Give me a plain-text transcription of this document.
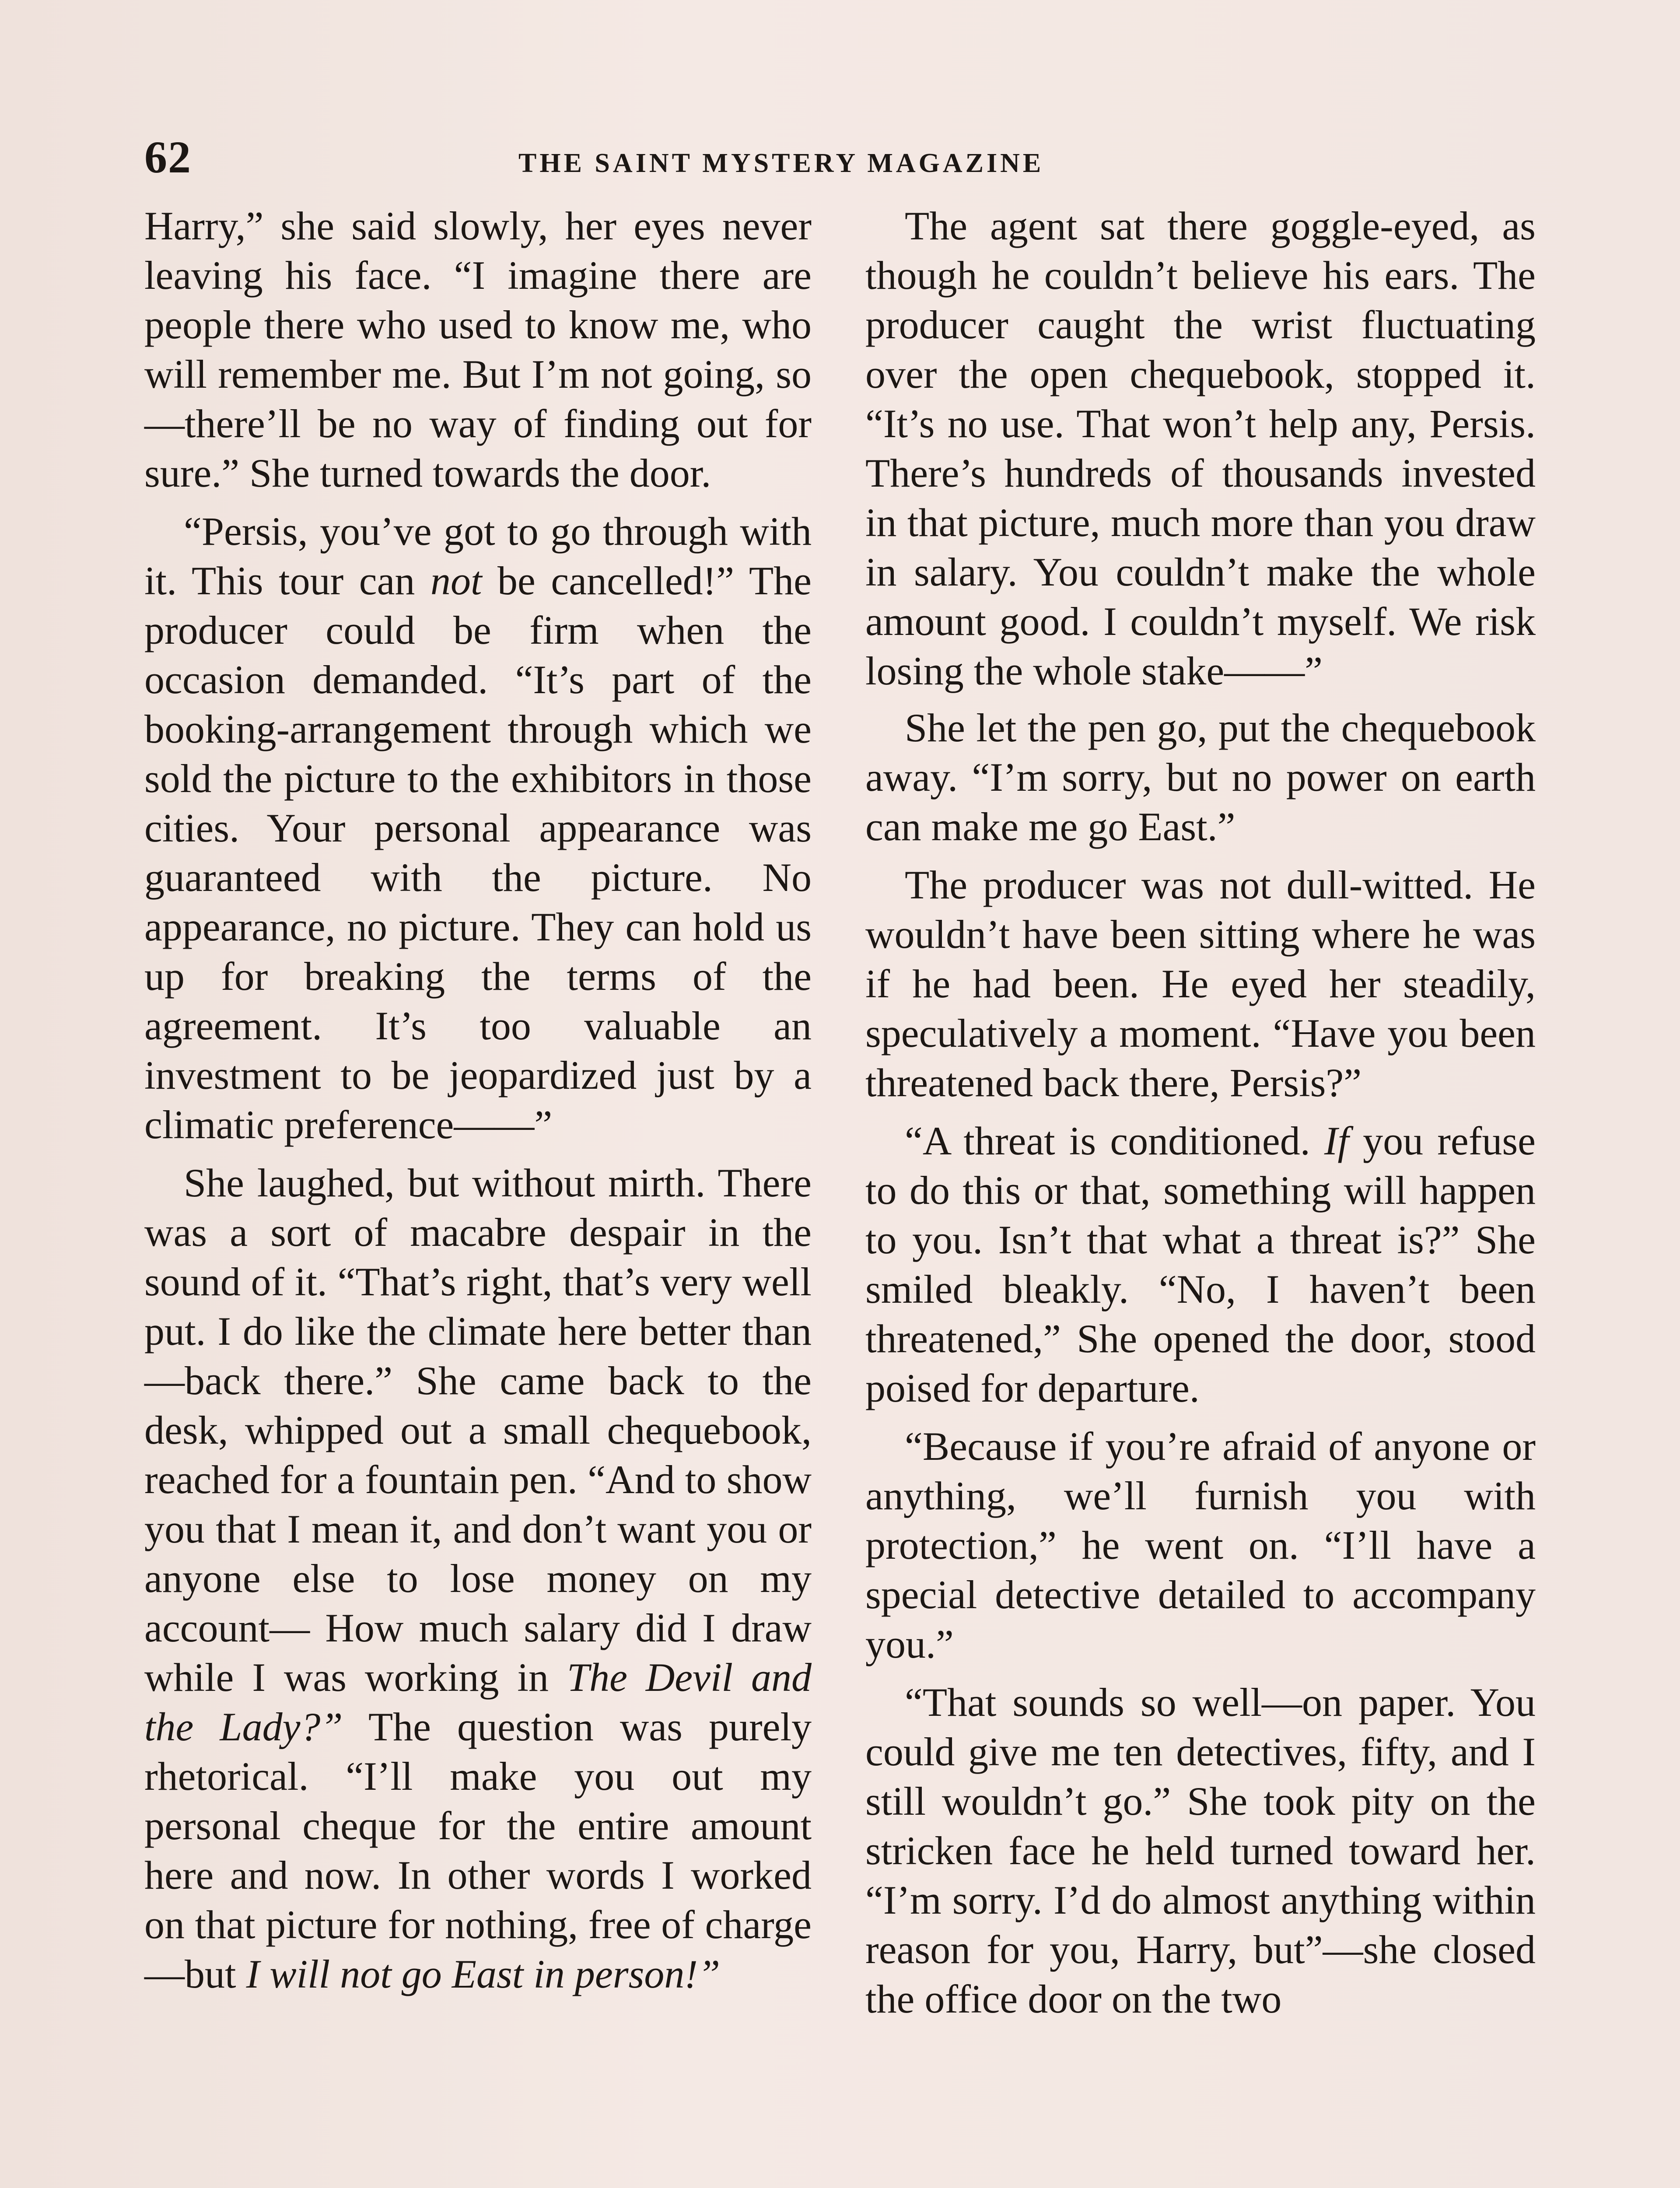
62	THE SAINT MYSTERY MAGAZINE

Harry,” she said slowly, her eyes never leaving his face. “I imagine there are people there who used to know me, who will remember me. But I’m not going, so—there’ll be no way of finding out for sure.” She turned towards the door.

“Persis, you’ve got to go through with it. This tour can not be cancelled!” The producer could be firm when the occasion demanded. “It’s part of the booking-arrangement through which we sold the picture to the exhibitors in those cities. Your personal appearance was guaranteed with the picture. No appearance, no picture. They can hold us up for breaking the terms of the agreement. It’s too valuable an investment to be jeopardized just by a climatic preference——”

She laughed, but without mirth. There was a sort of macabre despair in the sound of it. “That’s right, that’s very well put. I do like the climate here better than—back there.” She came back to the desk, whipped out a small chequebook, reached for a fountain pen. “And to show you that I mean it, and don’t want you or anyone else to lose money on my account— How much salary did I draw while I was working in The Devil and the Lady?” The question was purely rhetorical. “I’ll make you out my personal cheque for the entire amount here and now. In other words I worked on that picture for nothing, free of charge—but I will not go East in person!”

The agent sat there goggle-eyed, as though he couldn’t believe his ears. The producer caught the wrist fluctuating over the open chequebook, stopped it. “It’s no use. That won’t help any, Persis. There’s hundreds of thousands invested in that picture, much more than you draw in salary. You couldn’t make the whole amount good. I couldn’t myself. We risk losing the whole stake——”

She let the pen go, put the chequebook away. “I’m sorry, but no power on earth can make me go East.”

The producer was not dull-witted. He wouldn’t have been sitting where he was if he had been. He eyed her steadily, speculatively a moment. “Have you been threatened back there, Persis?”

“A threat is conditioned. If you refuse to do this or that, something will happen to you. Isn’t that what a threat is?” She smiled bleakly. “No, I haven’t been threatened,” She opened the door, stood poised for departure.

“Because if you’re afraid of anyone or anything, we’ll furnish you with protection,” he went on. “I’ll have a special detective detailed to accompany you.”

“That sounds so well—on paper. You could give me ten detectives, fifty, and I still wouldn’t go.” She took pity on the stricken face he held turned toward her. “I’m sorry. I’d do almost anything within reason for you, Harry, but”—she closed the office door on the two
